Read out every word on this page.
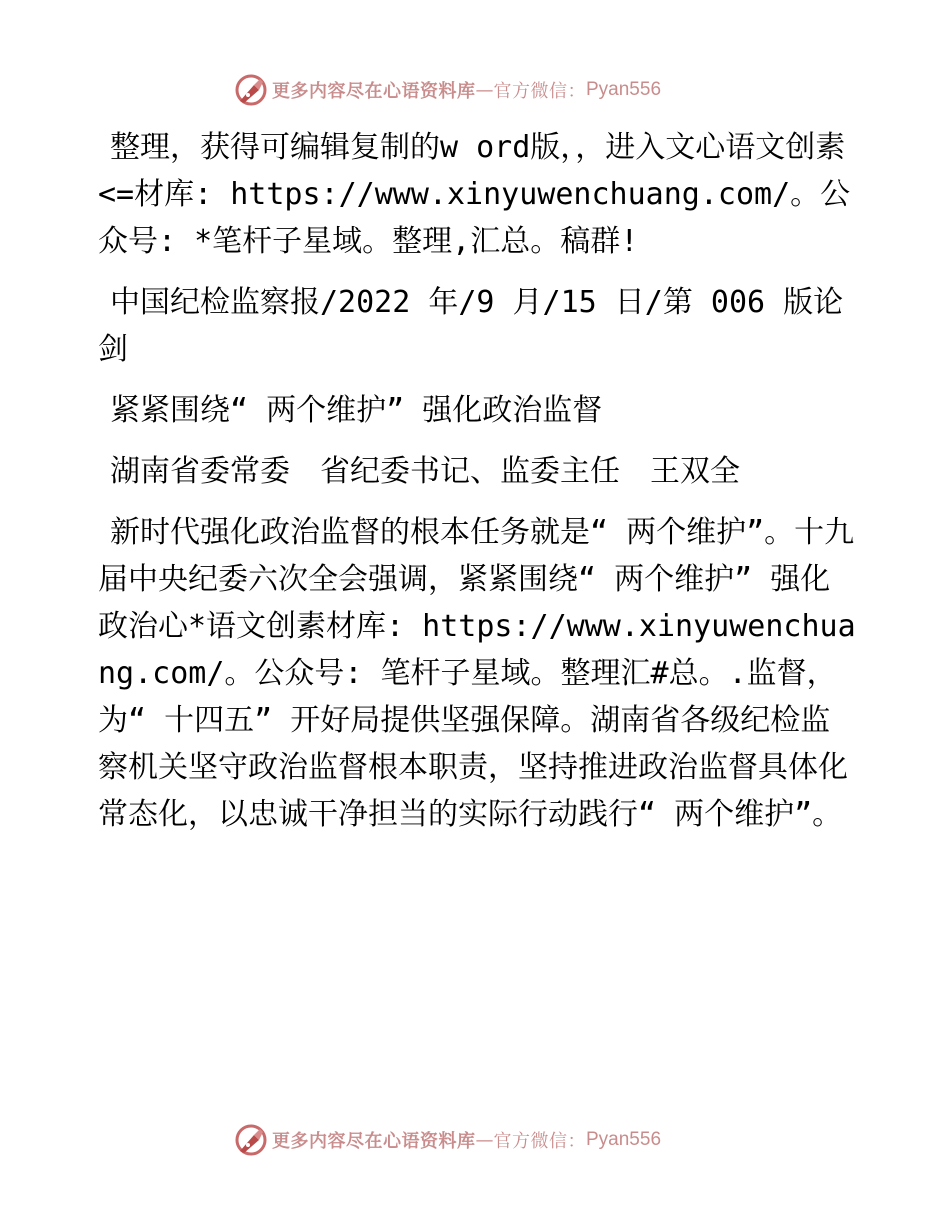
更多内容尽在心语资料库 — 官方微信： Pyan556

整理，获得可编辑复制的w ord版，，进入文心语文创素<=材库: https://www.xinyuwenchuang.com/。公众号: *笔杆子星域。整理,汇总。稿群!

中国纪检监察报/2022 年/9 月/15 日/第 006 版论剑

紧紧围绕“ 两个维护” 强化政治监督

湖南省委常委　省纪委书记、监委主任　王双全

新时代强化政治监督的根本任务就是“ 两个维护”。十九届中央纪委六次全会强调，紧紧围绕“ 两个维护” 强化政治心*语文创素材库: https://www.xinyuwenchuang.com/。公众号: 笔杆子星域。整理汇#总。.监督，为“ 十四五” 开好局提供坚强保障。湖南省各级纪检监察机关坚守政治监督根本职责，坚持推进政治监督具体化常态化，以忠诚干净担当的实际行动践行“ 两个维护”。

更多内容尽在心语资料库 — 官方微信： Pyan556
